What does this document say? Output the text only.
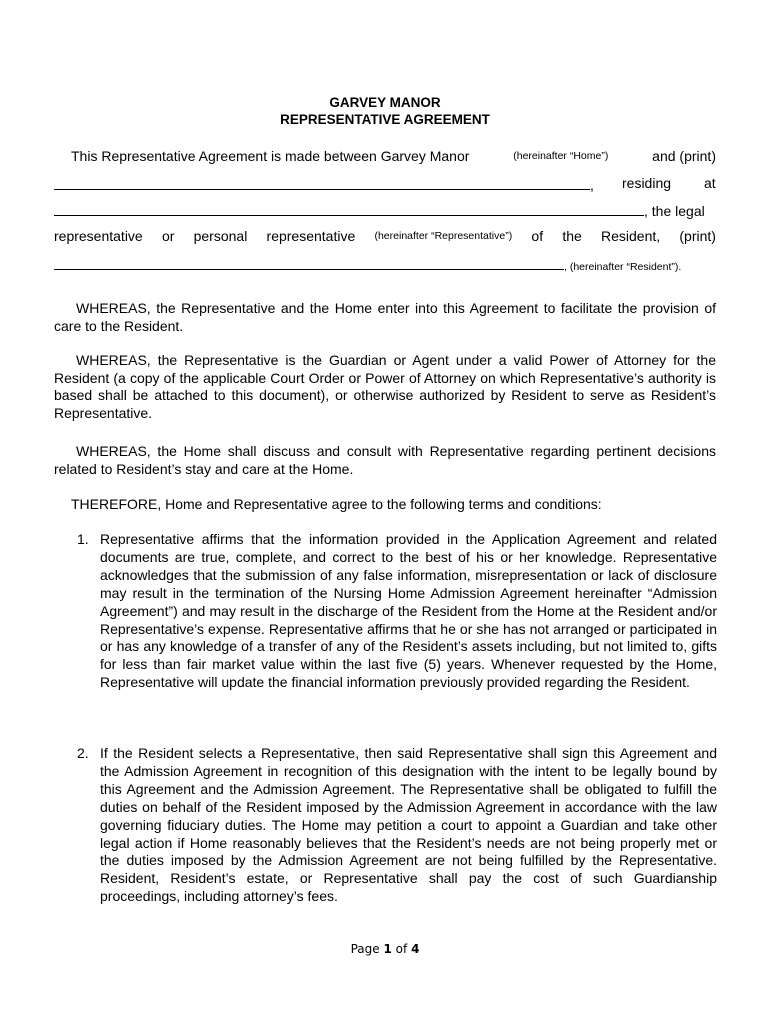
GARVEY MANOR
REPRESENTATIVE AGREEMENT
This Representative Agreement is made between Garvey Manor	(hereinafter “Home”)	and (print)
, residing at
, the legal
representative or personal representative (hereinafter “Representative”) of the Resident, (print)
, (hereinafter “Resident”).

WHEREAS, the Representative and the Home enter into this Agreement to facilitate the provision of care to the Resident.

WHEREAS, the Representative is the Guardian or Agent under a valid Power of Attorney for the Resident (a copy of the applicable Court Order or Power of Attorney on which Representative’s authority is based shall be attached to this document), or otherwise authorized by Resident to serve as Resident’s Representative.

WHEREAS, the Home shall discuss and consult with Representative regarding pertinent decisions related to Resident’s stay and care at the Home.

THEREFORE, Home and Representative agree to the following terms and conditions:
1. Representative affirms that the information provided in the Application Agreement and related documents are true, complete, and correct to the best of his or her knowledge. Representative acknowledges that the submission of any false information, misrepresentation or lack of disclosure may result in the termination of the Nursing Home Admission Agreement hereinafter “Admission Agreement”) and may result in the discharge of the Resident from the Home at the Resident and/or Representative’s expense. Representative affirms that he or she has not arranged or participated in or has any knowledge of a transfer of any of the Resident’s assets including, but not limited to, gifts for less than fair market value within the last five (5) years. Whenever requested by the Home, Representative will update the financial information previously provided regarding the Resident.
2. If the Resident selects a Representative, then said Representative shall sign this Agreement and the Admission Agreement in recognition of this designation with the intent to be legally bound by this Agreement and the Admission Agreement. The Representative shall be obligated to fulfill the duties on behalf of the Resident imposed by the Admission Agreement in accordance with the law governing fiduciary duties. The Home may petition a court to appoint a Guardian and take other legal action if Home reasonably believes that the Resident’s needs are not being properly met or the duties imposed by the Admission Agreement are not being fulfilled by the Representative. Resident, Resident’s estate, or Representative shall pay the cost of such Guardianship proceedings, including attorney’s fees.
Page 1 of 4
